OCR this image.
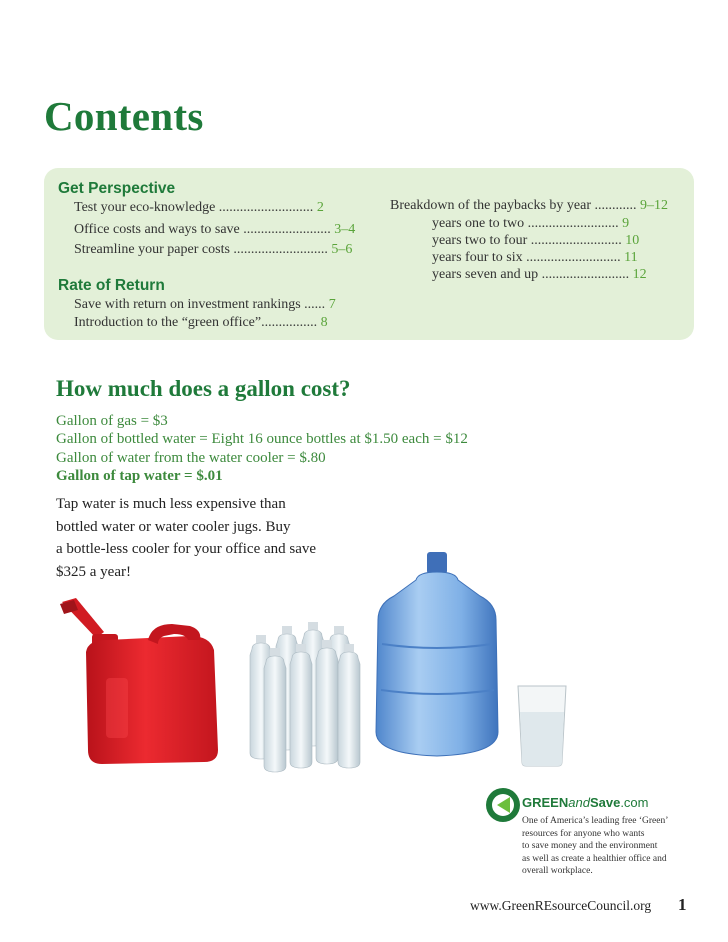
Contents
Get Perspective
Test your eco-knowledge ........................... 2
Office costs and ways to save ......................... 3–4
Streamline your paper costs ........................... 5–6
Rate of Return
Save with return on investment rankings ...... 7
Introduction to the “green office”................ 8
Breakdown of the paybacks by year ............ 9–12
years one to two .......................... 9
years two to four .......................... 10
years four to six ........................... 11
years seven and up ......................... 12
How much does a gallon cost?
Gallon of gas = $3
Gallon of bottled water = Eight 16 ounce bottles at $1.50 each = $12
Gallon of water from the water cooler = $.80
Gallon of tap water = $.01
Tap water is much less expensive than
bottled water or water cooler jugs. Buy
a bottle-less cooler for your office and save
$325 a year!
GREENandSave.com
One of America’s leading free ‘Green’
resources for anyone who wants
to save money and the environment
as well as create a healthier office and
overall workplace.
www.GreenREsourceCouncil.org 1
